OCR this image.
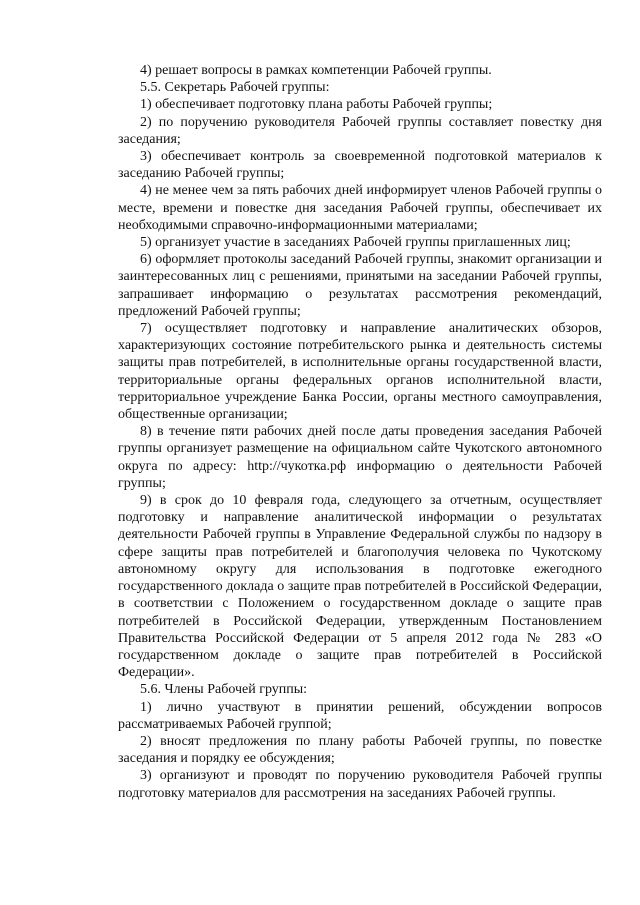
4) решает вопросы в рамках компетенции Рабочей группы.

5.5. Секретарь Рабочей группы:

1) обеспечивает подготовку плана работы Рабочей группы;

2) по поручению руководителя Рабочей группы составляет повестку дня заседания;

3) обеспечивает контроль за своевременной подготовкой материалов к заседанию Рабочей группы;

4) не менее чем за пять рабочих дней информирует членов Рабочей группы о месте, времени и повестке дня заседания Рабочей группы, обеспечивает их необходимыми справочно-информационными материалами;

5) организует участие в заседаниях Рабочей группы приглашенных лиц;

6) оформляет протоколы заседаний Рабочей группы, знакомит организации и заинтересованных лиц с решениями, принятыми на заседании Рабочей группы, запрашивает информацию о результатах рассмотрения рекомендаций, предложений Рабочей группы;

7) осуществляет подготовку и направление аналитических обзоров, характеризующих состояние потребительского рынка и деятельность системы защиты прав потребителей, в исполнительные органы государственной власти, территориальные органы федеральных органов исполнительной власти, территориальное учреждение Банка России, органы местного самоуправления, общественные организации;

8) в течение пяти рабочих дней после даты проведения заседания Рабочей группы организует размещение на официальном сайте Чукотского автономного округа по адресу: http://чукотка.рф информацию о деятельности Рабочей группы;

9) в срок до 10 февраля года, следующего за отчетным, осуществляет подготовку и направление аналитической информации о результатах деятельности Рабочей группы в Управление Федеральной службы по надзору в сфере защиты прав потребителей и благополучия человека по Чукотскому автономному округу для использования в подготовке ежегодного государственного доклада о защите прав потребителей в Российской Федерации, в соответствии с Положением о государственном докладе о защите прав потребителей в Российской Федерации, утвержденным Постановлением Правительства Российской Федерации от 5 апреля 2012 года № 283 «О государственном докладе о защите прав потребителей в Российской Федерации».

5.6. Члены Рабочей группы:

1) лично участвуют в принятии решений, обсуждении вопросов рассматриваемых Рабочей группой;

2) вносят предложения по плану работы Рабочей группы, по повестке заседания и порядку ее обсуждения;

3) организуют и проводят по поручению руководителя Рабочей группы подготовку материалов для рассмотрения на заседаниях Рабочей группы.
